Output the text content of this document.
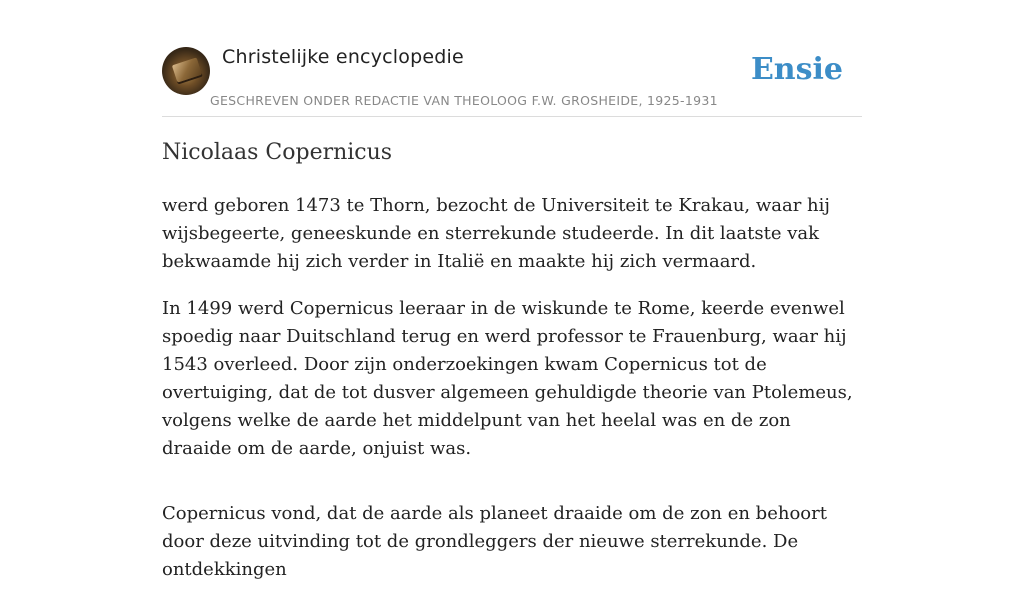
Christelijke encyclopedie
GESCHREVEN ONDER REDACTIE VAN THEOLOOG F.W. GROSHEIDE, 1925-1931
Ensie
Nicolaas Copernicus

werd geboren 1473 te Thorn, bezocht de Universiteit te Krakau, waar hij wijsbegeerte, geneeskunde en sterrekunde studeerde. In dit laatste vak bekwaamde hij zich verder in Italië en maakte hij zich vermaard.

In 1499 werd Copernicus leeraar in de wiskunde te Rome, keerde evenwel spoedig naar Duitschland terug en werd professor te Frauenburg, waar hij 1543 overleed. Door zijn onderzoekingen kwam Copernicus tot de overtuiging, dat de tot dusver algemeen gehuldigde theorie van Ptolemeus, volgens welke de aarde het middelpunt van het heelal was en de zon draaide om de aarde, onjuist was.

Copernicus vond, dat de aarde als planeet draaide om de zon en behoort door deze uitvinding tot de grondleggers der nieuwe sterrekunde. De ontdekkingen
